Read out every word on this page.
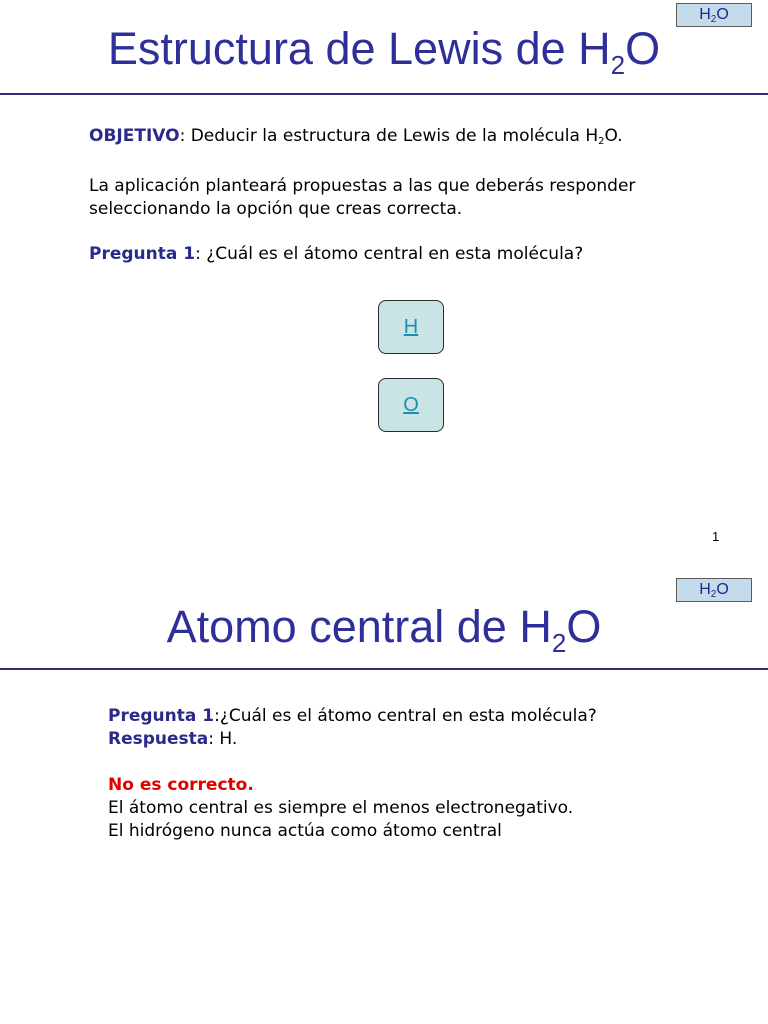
$H_2O$
Estructura de Lewis de $H_2O$

OBJETIVO: Deducir la estructura de Lewis de la molécula $H_2O$.

La aplicación planteará propuestas a las que deberás responder seleccionando la opción que creas correcta.

Pregunta 1: ¿Cuál es el átomo central en esta molécula?

H
O
1
$H_2O$
Atomo central de $H_2O$

Pregunta 1:¿Cuál es el átomo central en esta molécula?

Respuesta: H.

No es correcto.

El átomo central es siempre el menos electronegativo.

El hidrógeno nunca actúa como átomo central
